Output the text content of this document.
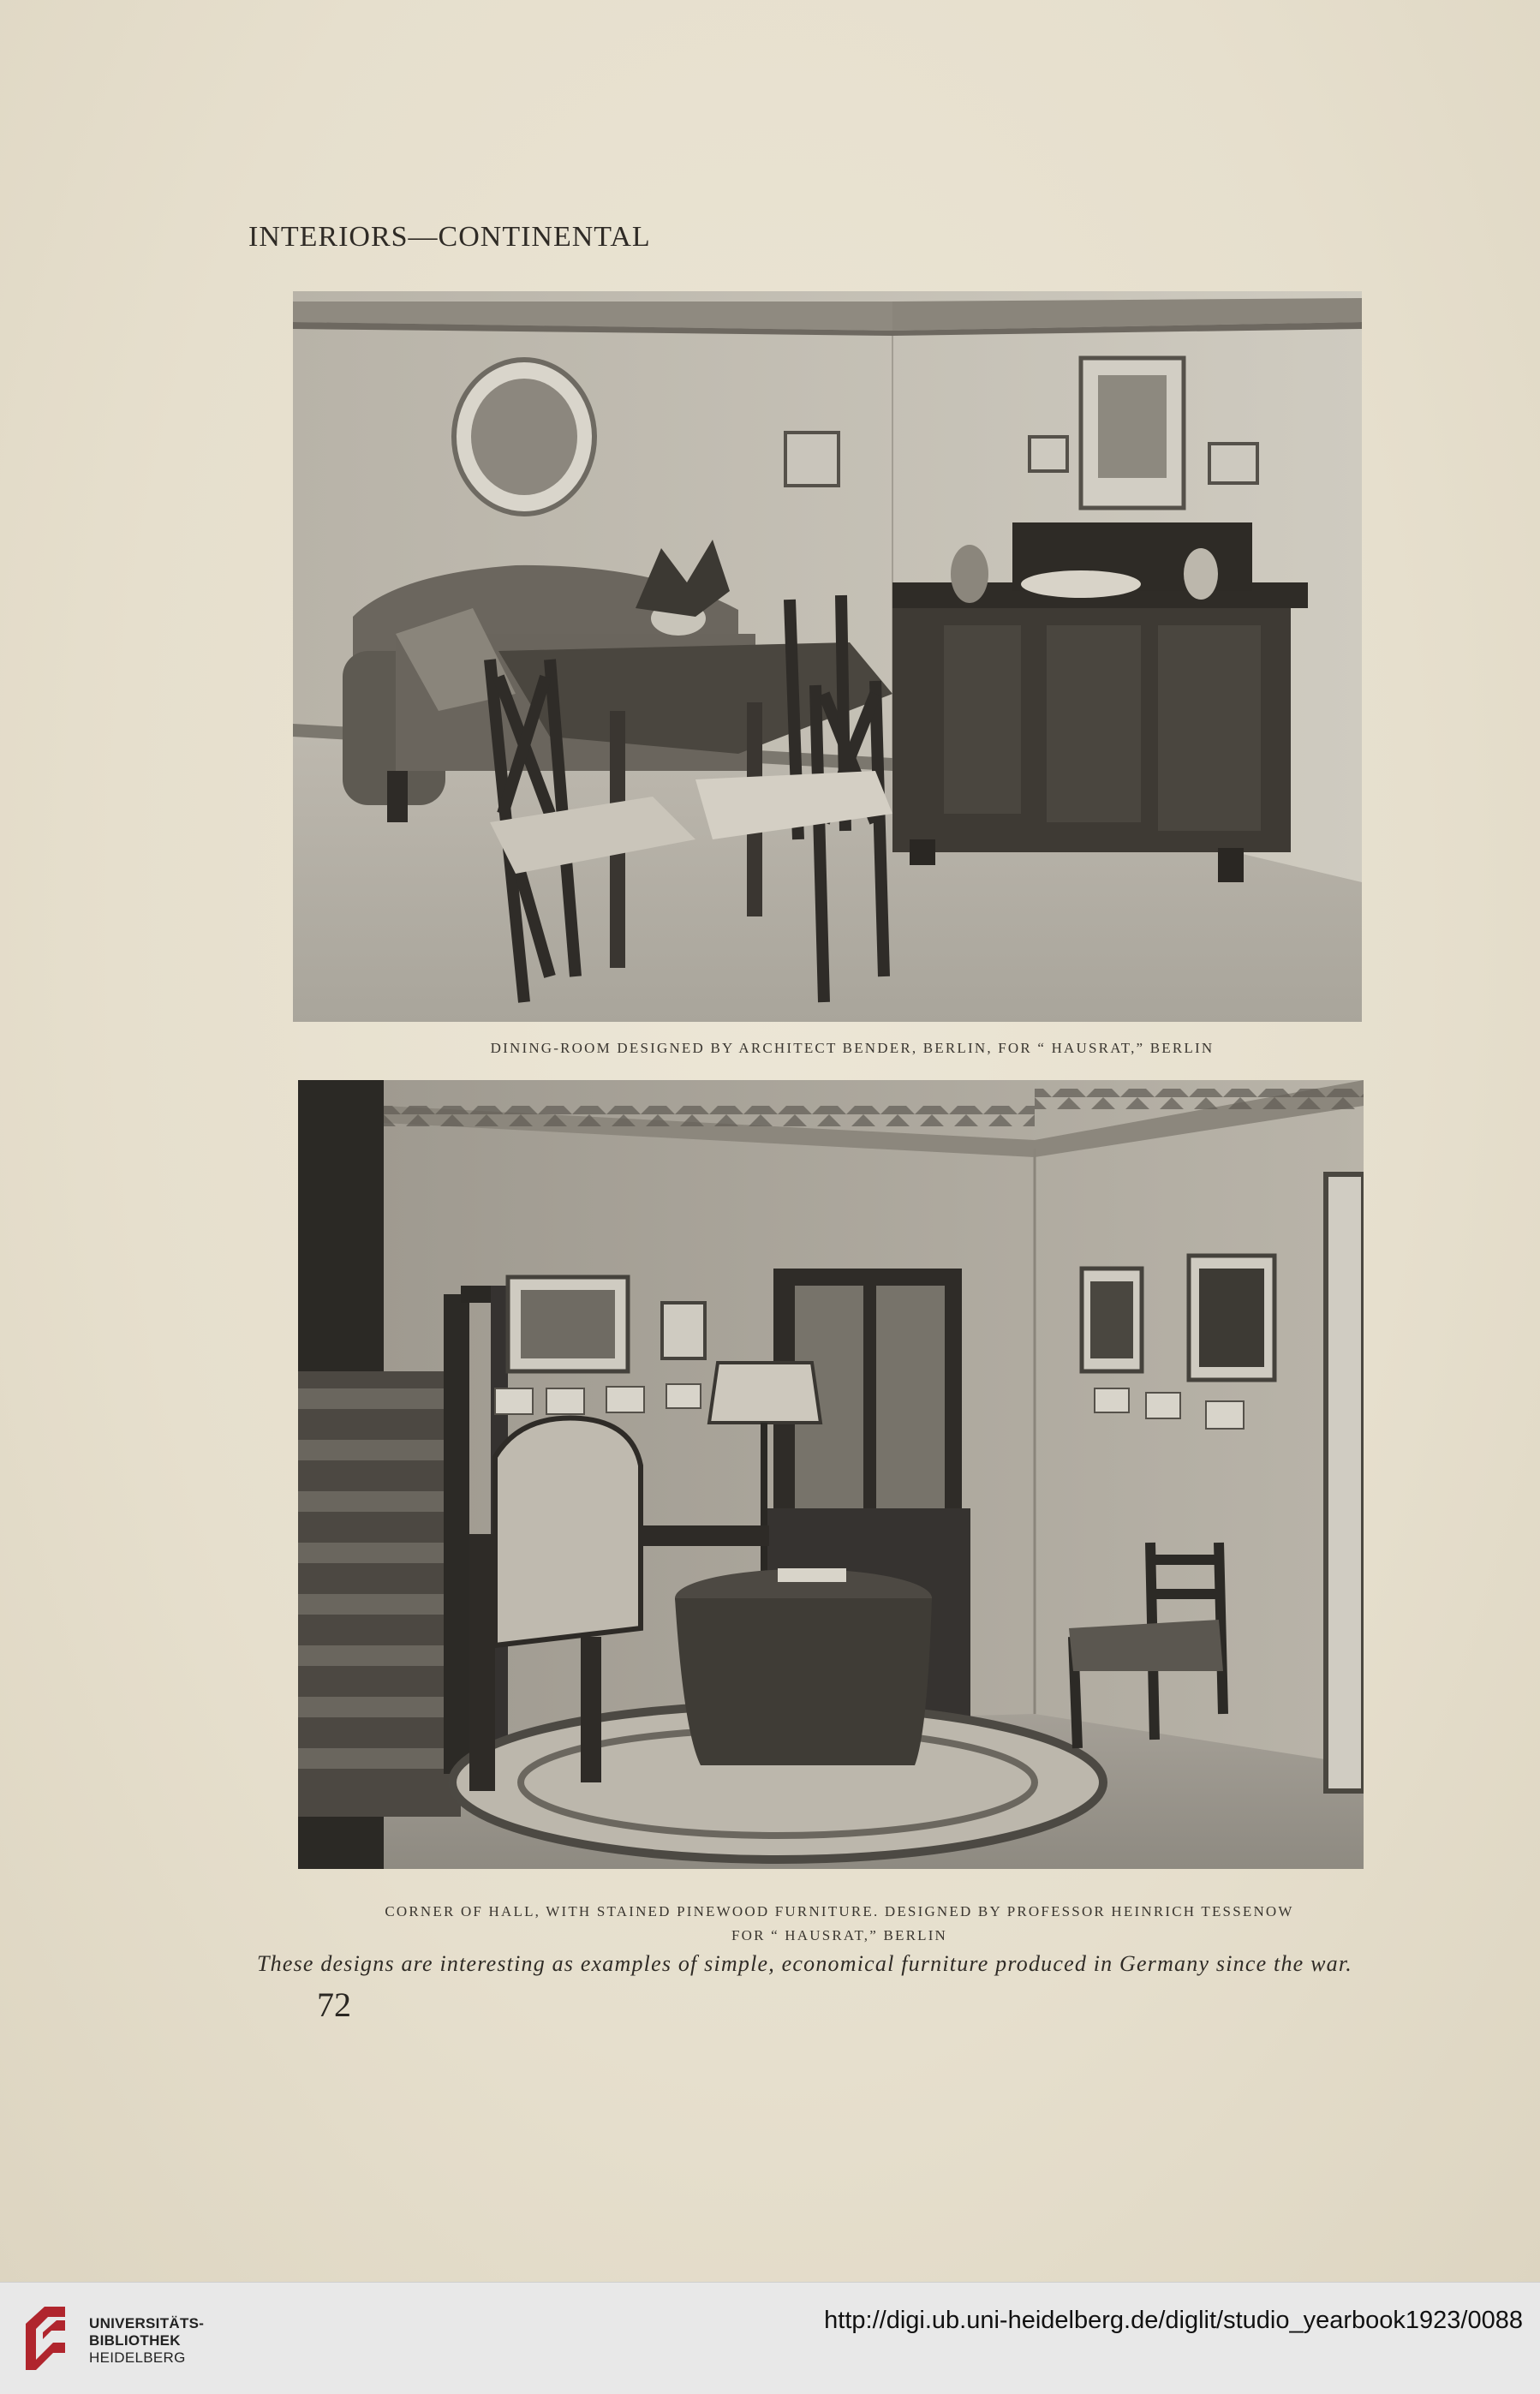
INTERIORS—CONTINENTAL
DINING-ROOM DESIGNED BY ARCHITECT BENDER, BERLIN, FOR “ HAUSRAT,” BERLIN
CORNER OF HALL, WITH STAINED PINEWOOD FURNITURE. DESIGNED BY PROFESSOR HEINRICH TESSENOW
FOR “ HAUSRAT,” BERLIN
These designs are interesting as examples of simple, economical furniture produced in Germany since the war.
72
UNIVERSITÄTS-
BIBLIOTHEK
HEIDELBERG
http://digi.ub.uni-heidelberg.de/diglit/studio_yearbook1923/0088
